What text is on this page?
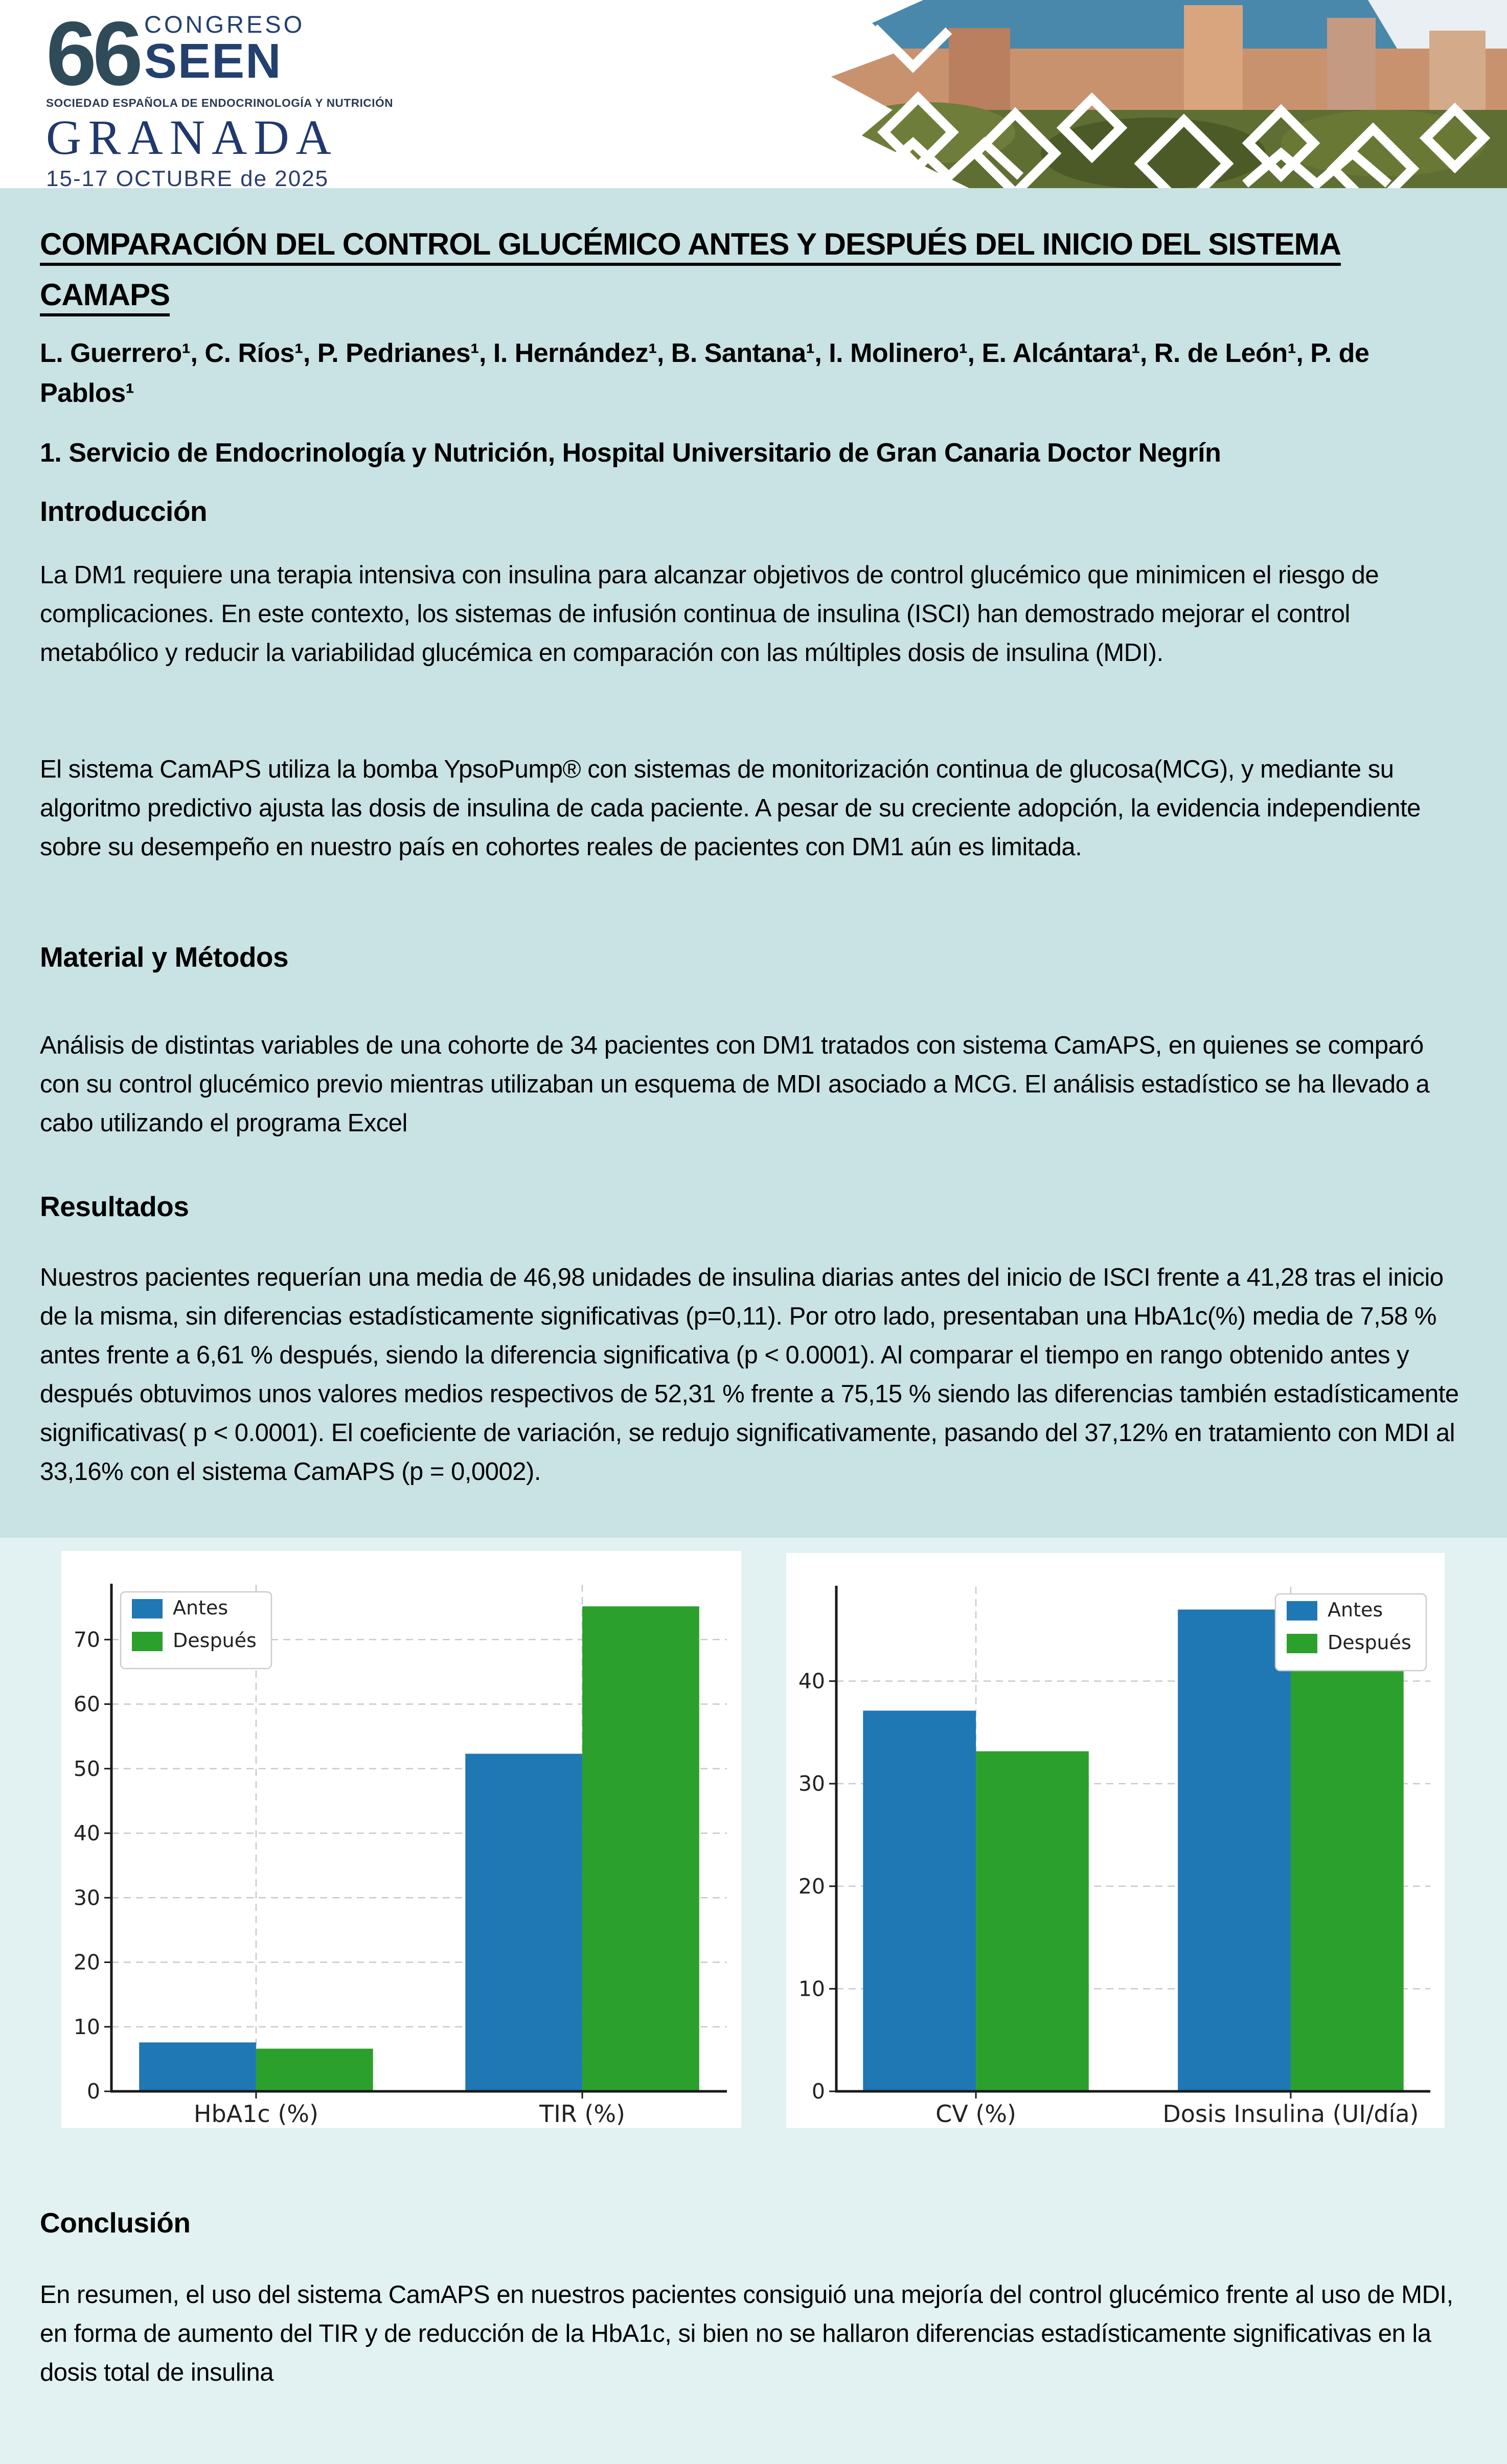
66 CONGRESO
SEEN
SOCIEDAD ESPAÑOLA DE ENDOCRINOLOGÍA Y NUTRICIÓN
GRANADA
15-17 OCTUBRE de 2025
COMPARACIÓN DEL CONTROL GLUCÉMICO ANTES Y DESPUÉS DEL INICIO DEL SISTEMA CAMAPS
L. Guerrero¹, C. Ríos¹, P. Pedrianes¹, I. Hernández¹, B. Santana¹, I. Molinero¹, E. Alcántara¹, R. de León¹, P. de Pablos¹
1. Servicio de Endocrinología y Nutrición, Hospital Universitario de Gran Canaria Doctor Negrín
Introducción
La DM1 requiere una terapia intensiva con insulina para alcanzar objetivos de control glucémico que minimicen el riesgo de complicaciones. En este contexto, los sistemas de infusión continua de insulina (ISCI) han demostrado mejorar el control metabólico y reducir la variabilidad glucémica en comparación con las múltiples dosis de insulina (MDI).
El sistema CamAPS utiliza la bomba YpsoPump® con sistemas de monitorización continua de glucosa(MCG), y mediante su algoritmo predictivo ajusta las dosis de insulina de cada paciente. A pesar de su creciente adopción, la evidencia independiente sobre su desempeño en nuestro país en cohortes reales de pacientes con DM1 aún es limitada.
Material y Métodos
Análisis de distintas variables de una cohorte de 34 pacientes con DM1 tratados con sistema CamAPS, en quienes se comparó con su control glucémico previo mientras utilizaban un esquema de MDI asociado a MCG. El análisis estadístico se ha llevado a cabo utilizando el programa Excel
Resultados
Nuestros pacientes requerían una media de 46,98 unidades de insulina diarias antes del inicio de ISCI frente a 41,28 tras el inicio de la misma, sin diferencias estadísticamente significativas (p=0,11). Por otro lado, presentaban una HbA1c(%) media de 7,58 % antes frente a 6,61 % después, siendo la diferencia significativa (p < 0.0001). Al comparar el tiempo en rango obtenido antes y después obtuvimos unos valores medios respectivos de 52,31 % frente a 75,15 % siendo las diferencias también estadísticamente significativas( p < 0.0001). El coeficiente de variación, se redujo significativamente, pasando del 37,12% en tratamiento con MDI al 33,16% con el sistema CamAPS (p = 0,0002).
HbA1c (%)	TIR (%)
0
10
20
30
40
50
60
70
Antes
Después
CV (%)	Dosis Insulina (UI/día)
0
10
20
30
40
Antes
Después
Conclusión
En resumen, el uso del sistema CamAPS en nuestros pacientes consiguió una mejoría del control glucémico frente al uso de MDI, en forma de aumento del TIR y de reducción de la HbA1c, si bien no se hallaron diferencias estadísticamente significativas en la dosis total de insulina
